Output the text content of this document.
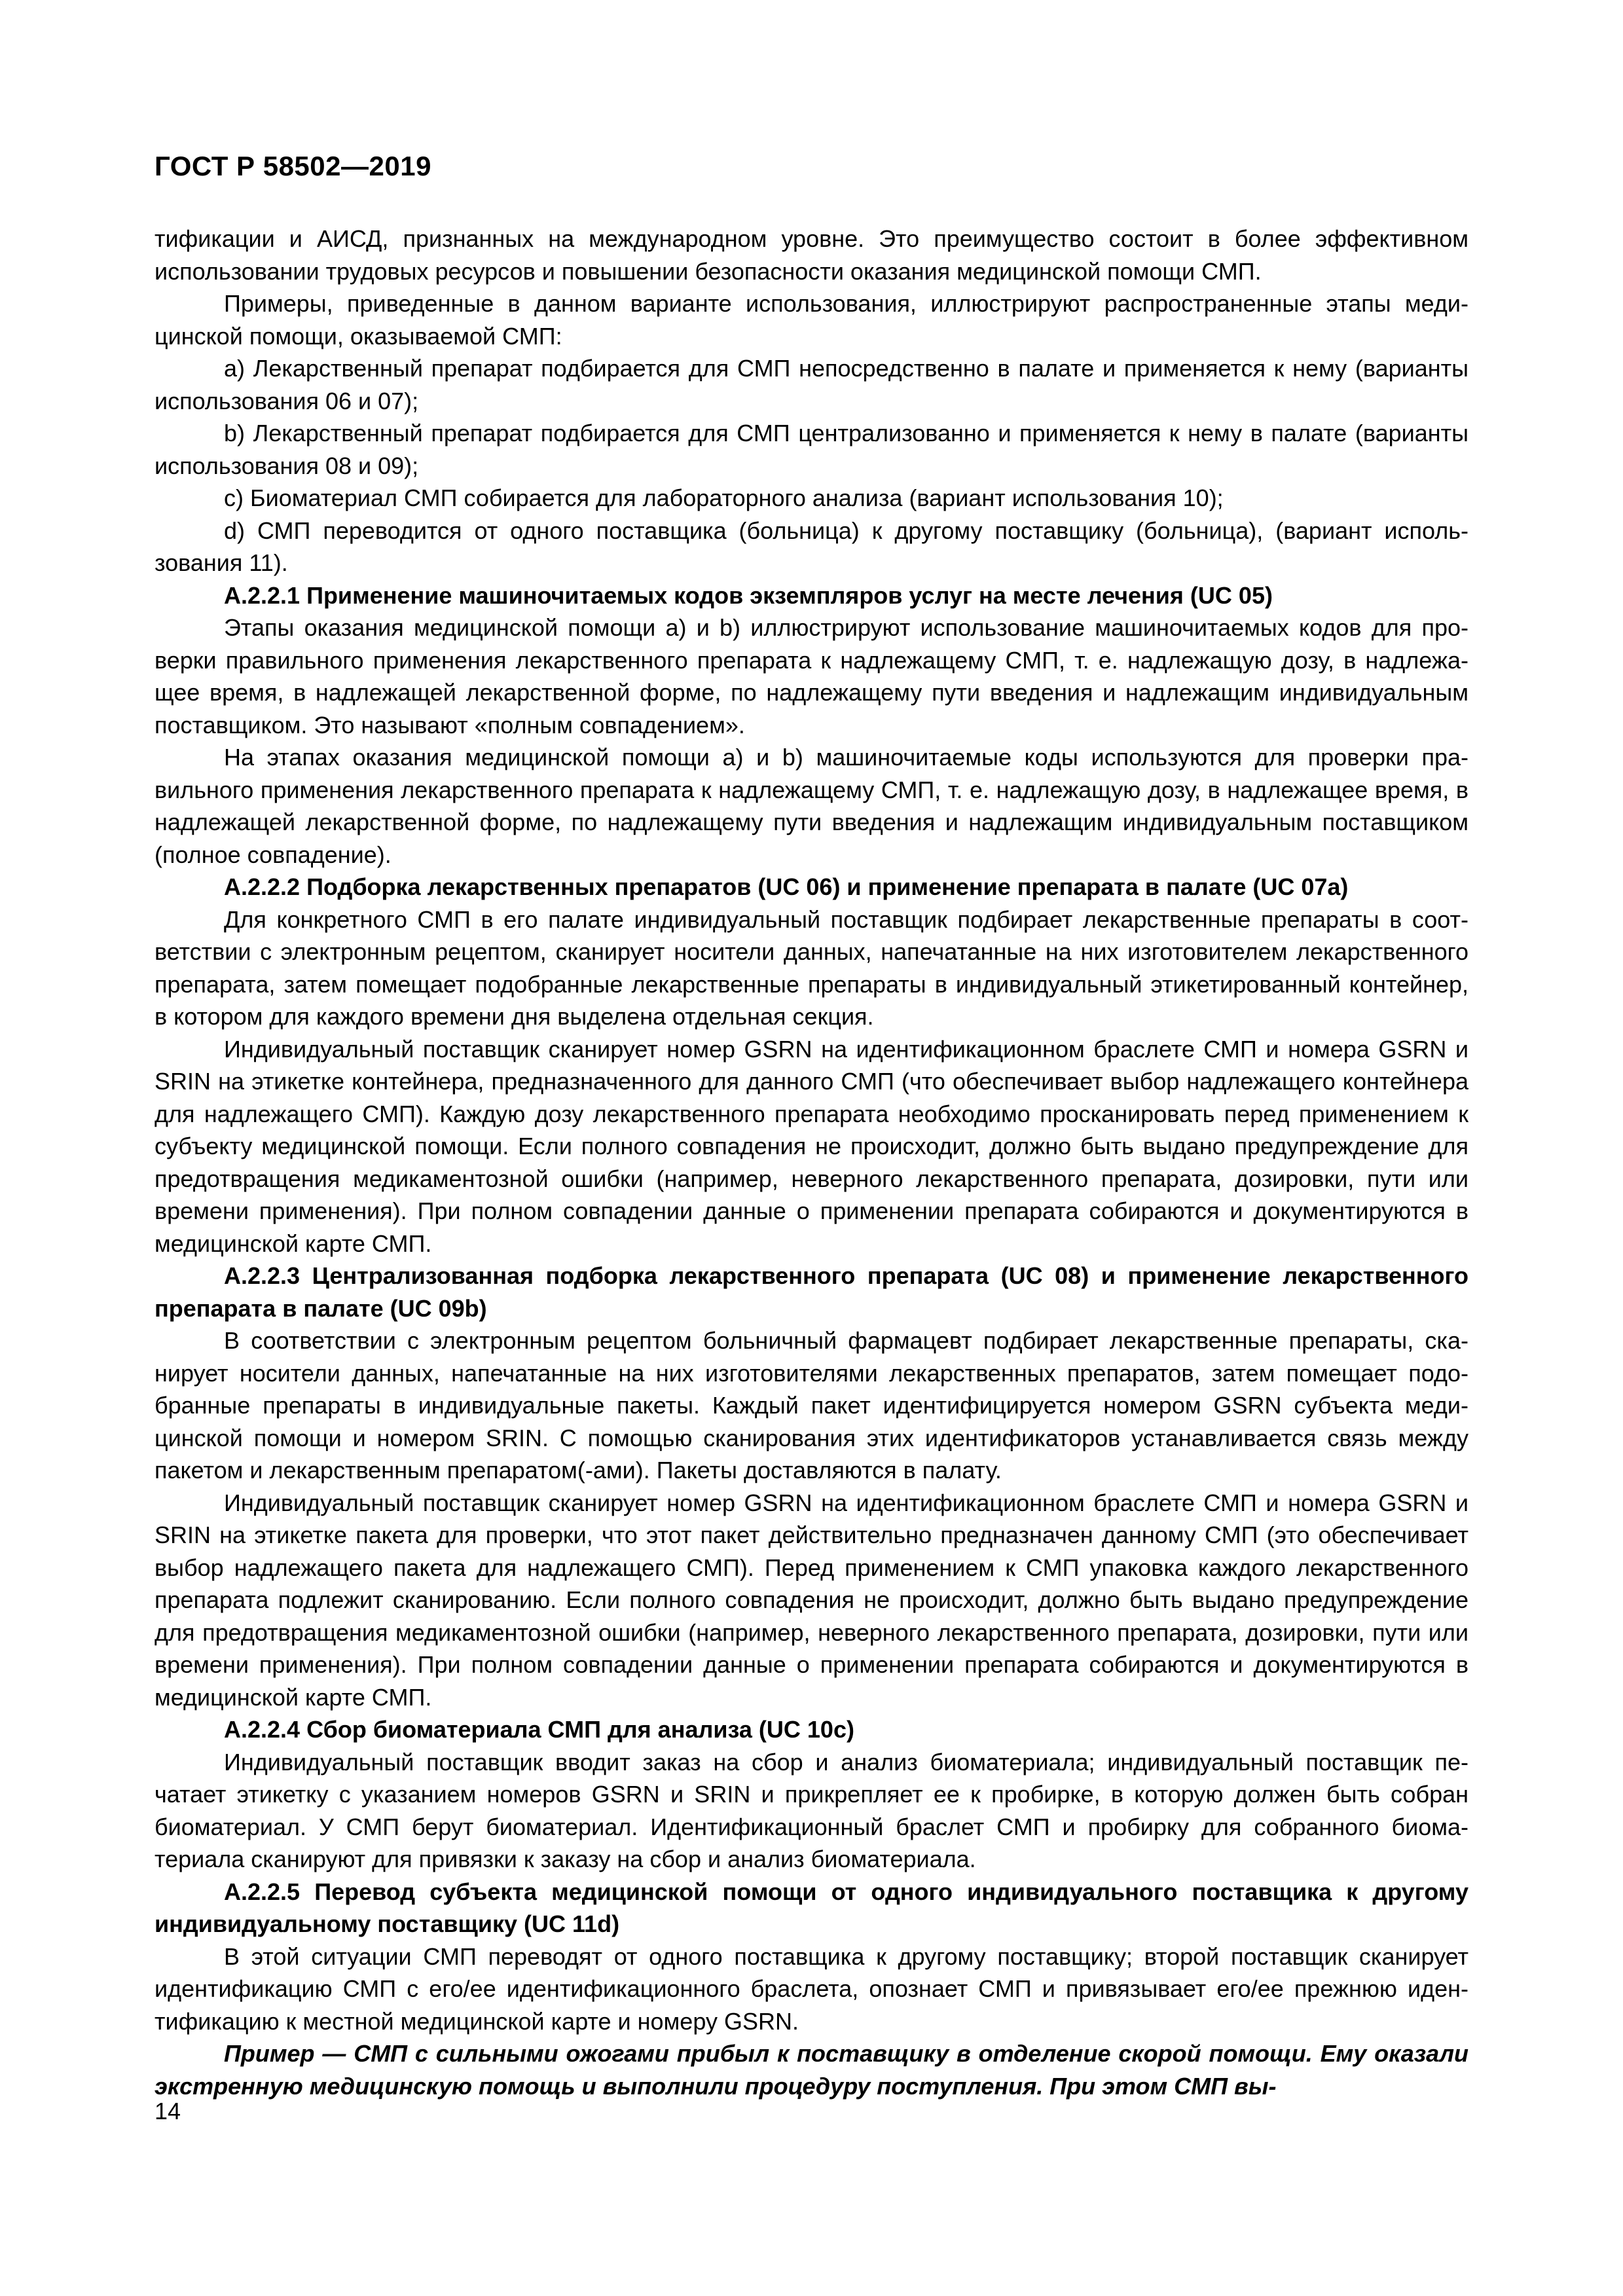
ГОСТ Р 58502—2019

тификации и АИСД, признанных на международном уровне. Это преимущество состоит в более эффективном использовании трудовых ресурсов и повышении безопасности оказания медицинской помощи СМП.

Примеры, приведенные в данном варианте использования, иллюстрируют распространенные этапы медицинской помощи, оказываемой СМП:

а) Лекарственный препарат подбирается для СМП непосредственно в палате и применяется к нему (варианты использования 06 и 07);

b) Лекарственный препарат подбирается для СМП централизованно и применяется к нему в палате (варианты использования 08 и 09);

с) Биоматериал СМП собирается для лабораторного анализа (вариант использования 10);

d) СМП переводится от одного поставщика (больница) к другому поставщику (больница), (вариант использования 11).

А.2.2.1 Применение машиночитаемых кодов экземпляров услуг на месте лечения (UC 05)

Этапы оказания медицинской помощи а) и b) иллюстрируют использование машиночитаемых кодов для проверки правильного применения лекарственного препарата к надлежащему СМП, т. е. надлежащую дозу, в надлежащее время, в надлежащей лекарственной форме, по надлежащему пути введения и надлежащим индивидуальным поставщиком. Это называют «полным совпадением».

На этапах оказания медицинской помощи а) и b) машиночитаемые коды используются для проверки правильного применения лекарственного препарата к надлежащему СМП, т. е. надлежащую дозу, в надлежащее время, в надлежащей лекарственной форме, по надлежащему пути введения и надлежащим индивидуальным поставщиком (полное совпадение).

А.2.2.2 Подборка лекарственных препаратов (UC 06) и применение препарата в палате (UC 07а)

Для конкретного СМП в его палате индивидуальный поставщик подбирает лекарственные препараты в соответствии с электронным рецептом, сканирует носители данных, напечатанные на них изготовителем лекарственного препарата, затем помещает подобранные лекарственные препараты в индивидуальный этикетированный контейнер, в котором для каждого времени дня выделена отдельная секция.

Индивидуальный поставщик сканирует номер GSRN на идентификационном браслете СМП и номера GSRN и SRIN на этикетке контейнера, предназначенного для данного СМП (что обеспечивает выбор надлежащего контейнера для надлежащего СМП). Каждую дозу лекарственного препарата необходимо просканировать перед применением к субъекту медицинской помощи. Если полного совпадения не происходит, должно быть выдано предупреждение для предотвращения медикаментозной ошибки (например, неверного лекарственного препарата, дозировки, пути или времени применения). При полном совпадении данные о применении препарата собираются и документируются в медицинской карте СМП.

А.2.2.3 Централизованная подборка лекарственного препарата (UC 08) и применение лекарственного препарата в палате (UC 09b)

В соответствии с электронным рецептом больничный фармацевт подбирает лекарственные препараты, сканирует носители данных, напечатанные на них изготовителями лекарственных препаратов, затем помещает подобранные препараты в индивидуальные пакеты. Каждый пакет идентифицируется номером GSRN субъекта медицинской помощи и номером SRIN. С помощью сканирования этих идентификаторов устанавливается связь между пакетом и лекарственным препаратом(-ами). Пакеты доставляются в палату.

Индивидуальный поставщик сканирует номер GSRN на идентификационном браслете СМП и номера GSRN и SRIN на этикетке пакета для проверки, что этот пакет действительно предназначен данному СМП (это обеспечивает выбор надлежащего пакета для надлежащего СМП). Перед применением к СМП упаковка каждого лекарственного препарата подлежит сканированию. Если полного совпадения не происходит, должно быть выдано предупреждение для предотвращения медикаментозной ошибки (например, неверного лекарственного препарата, дозировки, пути или времени применения). При полном совпадении данные о применении препарата собираются и документируются в медицинской карте СМП.

А.2.2.4 Сбор биоматериала СМП для анализа (UC 10с)

Индивидуальный поставщик вводит заказ на сбор и анализ биоматериала; индивидуальный поставщик печатает этикетку с указанием номеров GSRN и SRIN и прикрепляет ее к пробирке, в которую должен быть собран биоматериал. У СМП берут биоматериал. Идентификационный браслет СМП и пробирку для собранного биоматериала сканируют для привязки к заказу на сбор и анализ биоматериала.

А.2.2.5 Перевод субъекта медицинской помощи от одного индивидуального поставщика к другому индивидуальному поставщику (UC 11d)

В этой ситуации СМП переводят от одного поставщика к другому поставщику; второй поставщик сканирует идентификацию СМП с его/ее идентификационного браслета, опознает СМП и привязывает его/ее прежнюю идентификацию к местной медицинской карте и номеру GSRN.

Пример — СМП с сильными ожогами прибыл к поставщику в отделение скорой помощи. Ему оказали экстренную медицинскую помощь и выполнили процедуру поступления. При этом СМП вы-

14
